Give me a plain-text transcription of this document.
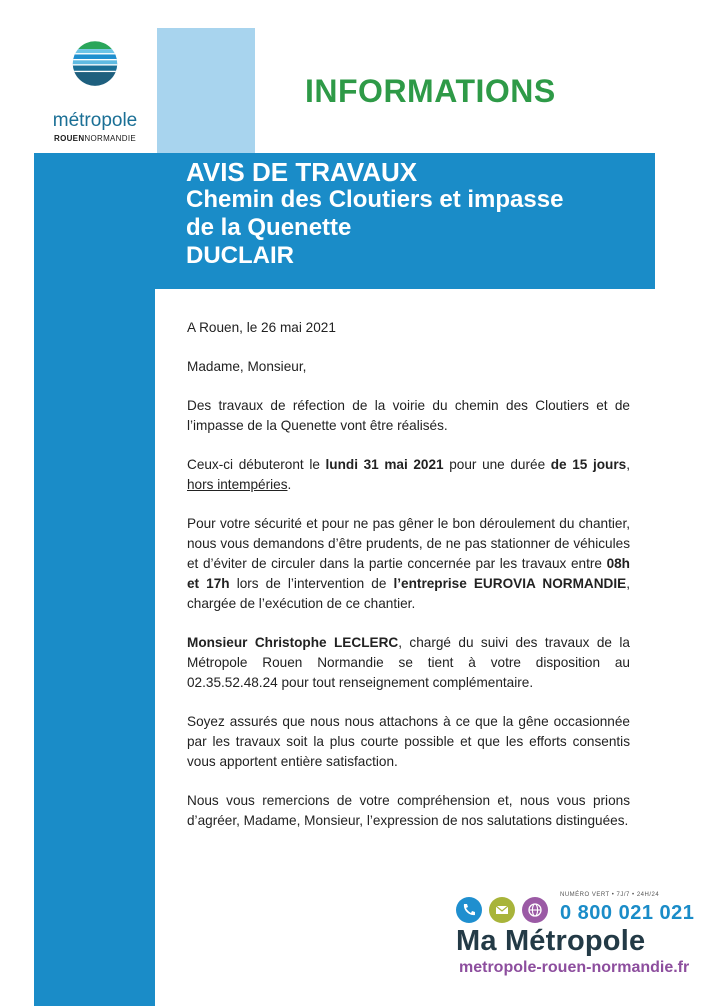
métropole
ROUENNORMANDIE
INFORMATIONS
AVIS DE TRAVAUX
Chemin des Cloutiers et impasse
de la Quenette
DUCLAIR

A Rouen, le 26 mai 2021

Madame, Monsieur,

Des travaux de réfection de la voirie du chemin des Cloutiers et de l’impasse de la Quenette vont être réalisés.

Ceux-ci débuteront le lundi 31 mai 2021 pour une durée de 15 jours, hors intempéries.

Pour votre sécurité et pour ne pas gêner le bon déroulement du chantier, nous vous demandons d’être prudents, de ne pas stationner de véhicules et d’éviter de circuler dans la partie concernée par les travaux entre 08h et 17h lors de l’intervention de l’entreprise EUROVIA NORMANDIE, chargée de l’exécution de ce chantier.

Monsieur Christophe LECLERC, chargé du suivi des travaux de la Métropole Rouen Normandie se tient à votre disposition au 02.35.52.48.24 pour tout renseignement complémentaire.

Soyez assurés que nous nous attachons à ce que la gêne occasionnée par les travaux soit la plus courte possible et que les efforts consentis vous apportent entière satisfaction.

Nous vous remercions de votre compréhension et, nous vous prions d’agréer, Madame, Monsieur, l’expression de nos salutations distinguées.

NUMÉRO VERT • 7J/7 • 24H/24
0 800 021 021
Ma Métropole
metropole-rouen-normandie.fr
